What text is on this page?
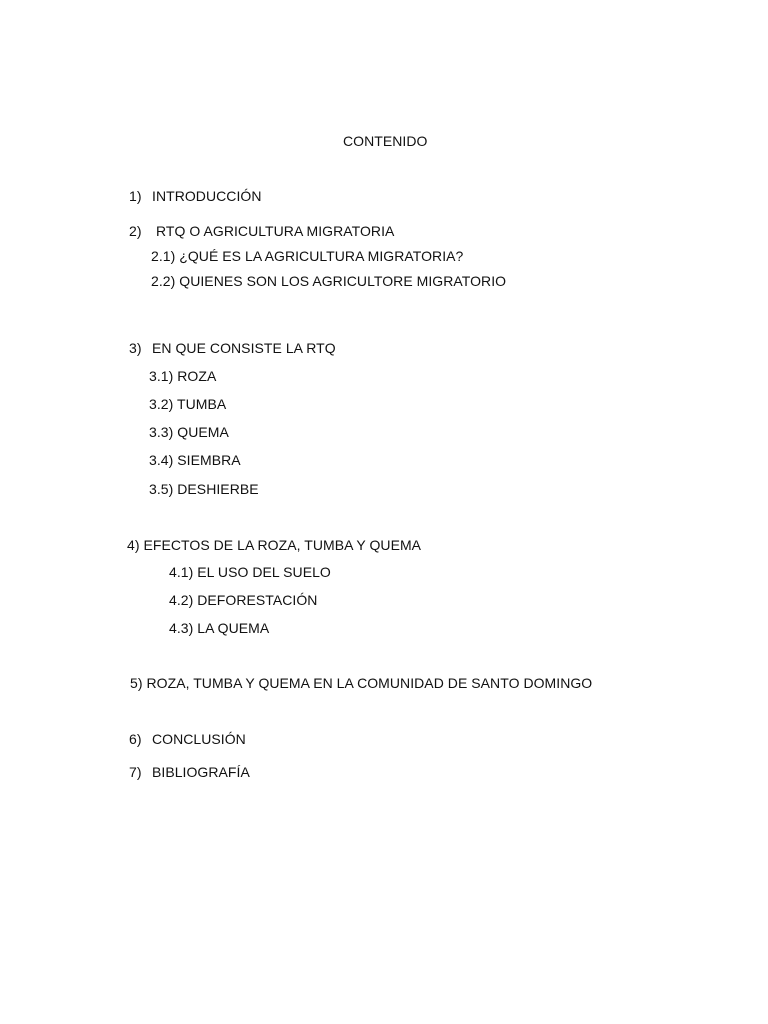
CONTENIDO
1) INTRODUCCIÓN
2) RTQ O AGRICULTURA MIGRATORIA
2.1) ¿QUÉ ES LA AGRICULTURA MIGRATORIA?
2.2) QUIENES SON LOS AGRICULTORE MIGRATORIO
3) EN QUE CONSISTE LA RTQ
3.1) ROZA
3.2) TUMBA
3.3) QUEMA
3.4) SIEMBRA
3.5) DESHIERBE
4) EFECTOS DE LA ROZA, TUMBA Y QUEMA
4.1) EL USO DEL SUELO
4.2) DEFORESTACIÓN
4.3) LA QUEMA
5) ROZA, TUMBA Y QUEMA EN LA COMUNIDAD DE SANTO DOMINGO
6) CONCLUSIÓN
7) BIBLIOGRAFÍA
